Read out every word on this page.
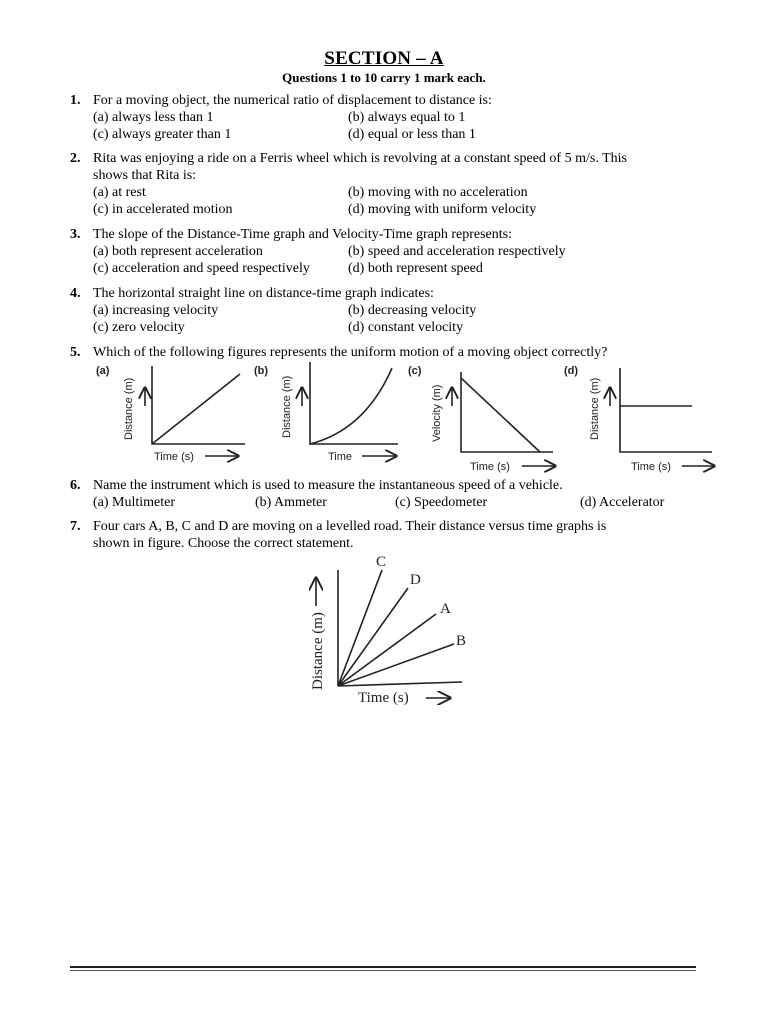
SECTION – A
Questions 1 to 10 carry 1 mark each.
1. For a moving object, the numerical ratio of displacement to distance is:
(a) always less than 1	(b) always equal to 1
(c) always greater than 1	(d) equal or less than 1
2. Rita was enjoying a ride on a Ferris wheel which is revolving at a constant speed of 5 m/s. This
shows that Rita is:
(a) at rest	(b) moving with no acceleration
(c) in accelerated motion	(d) moving with uniform velocity
3. The slope of the Distance-Time graph and Velocity-Time graph represents:
(a) both represent acceleration	(b) speed and acceleration respectively
(c) acceleration and speed respectively	(d) both represent speed
4. The horizontal straight line on distance-time graph indicates:
(a) increasing velocity	(b) decreasing velocity
(c) zero velocity	(d) constant velocity
5. Which of the following figures represents the uniform motion of a moving object correctly?
(a)
Distance (m)
Time (s)
(b)
Distance (m)
Time
(c)
Velocity (m)
Time (s)
(d)
Distance (m)
Time (s)
6. Name the instrument which is used to measure the instantaneous speed of a vehicle.
(a) Multimeter	(b) Ammeter	(c) Speedometer	(d) Accelerator
7. Four cars A, B, C and D are moving on a levelled road. Their distance versus time graphs is
shown in figure. Choose the correct statement.
Distance (m)
C
D
A
B
Time (s)
